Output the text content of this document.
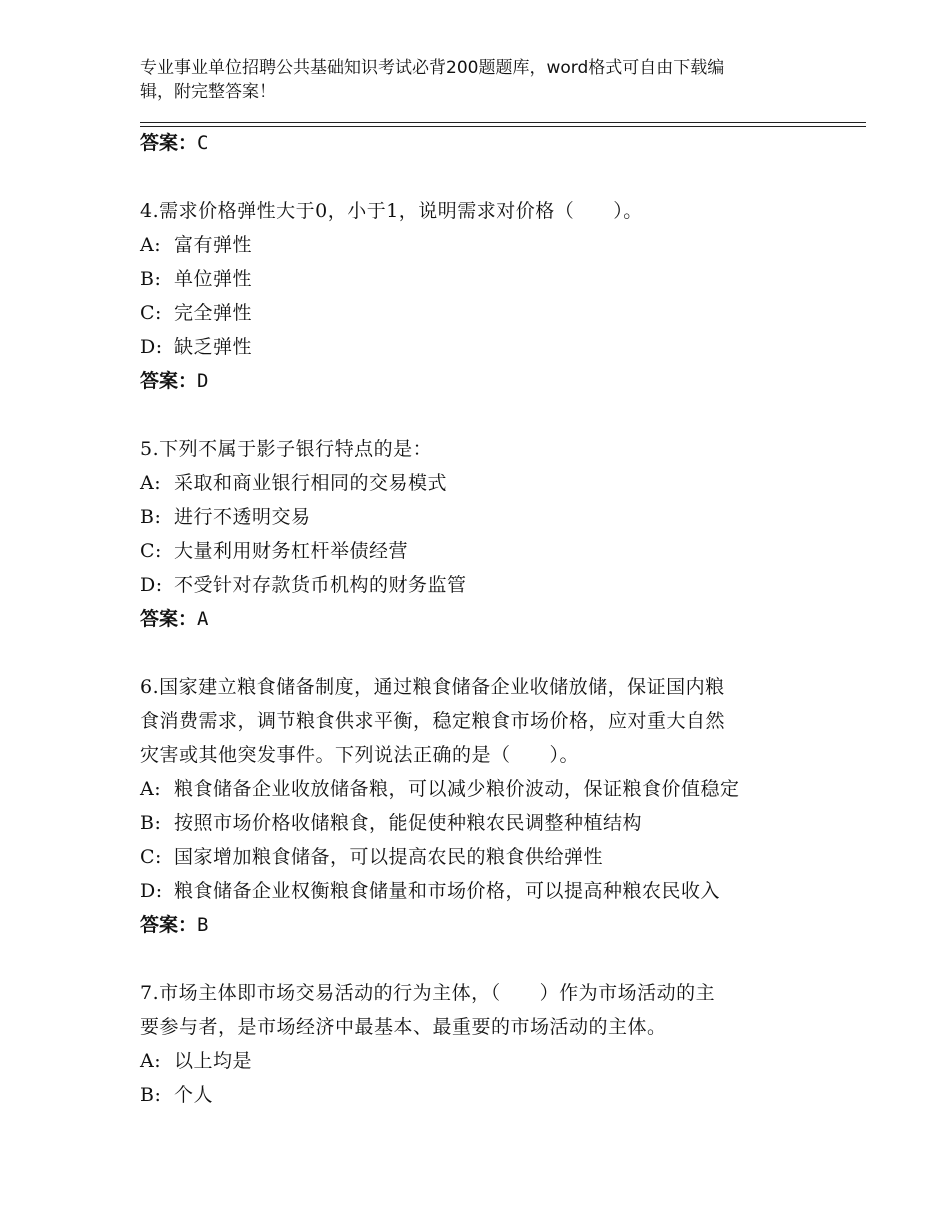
专业事业单位招聘公共基础知识考试必背200题题库，word格式可自由下载编
辑，附完整答案！
答案：C
4.需求价格弹性大于0，小于1，说明需求对价格（　　）。
A: 富有弹性
B: 单位弹性
C: 完全弹性
D: 缺乏弹性
答案：D
5.下列不属于影子银行特点的是：
A: 采取和商业银行相同的交易模式
B: 进行不透明交易
C: 大量利用财务杠杆举债经营
D: 不受针对存款货币机构的财务监管
答案：A
6.国家建立粮食储备制度，通过粮食储备企业收储放储，保证国内粮
食消费需求，调节粮食供求平衡，稳定粮食市场价格，应对重大自然
灾害或其他突发事件。下列说法正确的是（　　）。
A: 粮食储备企业收放储备粮，可以减少粮价波动，保证粮食价值稳定
B: 按照市场价格收储粮食，能促使种粮农民调整种植结构
C: 国家增加粮食储备，可以提高农民的粮食供给弹性
D: 粮食储备企业权衡粮食储量和市场价格，可以提高种粮农民收入
答案：B
7.市场主体即市场交易活动的行为主体，（　　）作为市场活动的主
要参与者，是市场经济中最基本、最重要的市场活动的主体。
A: 以上均是
B: 个人
